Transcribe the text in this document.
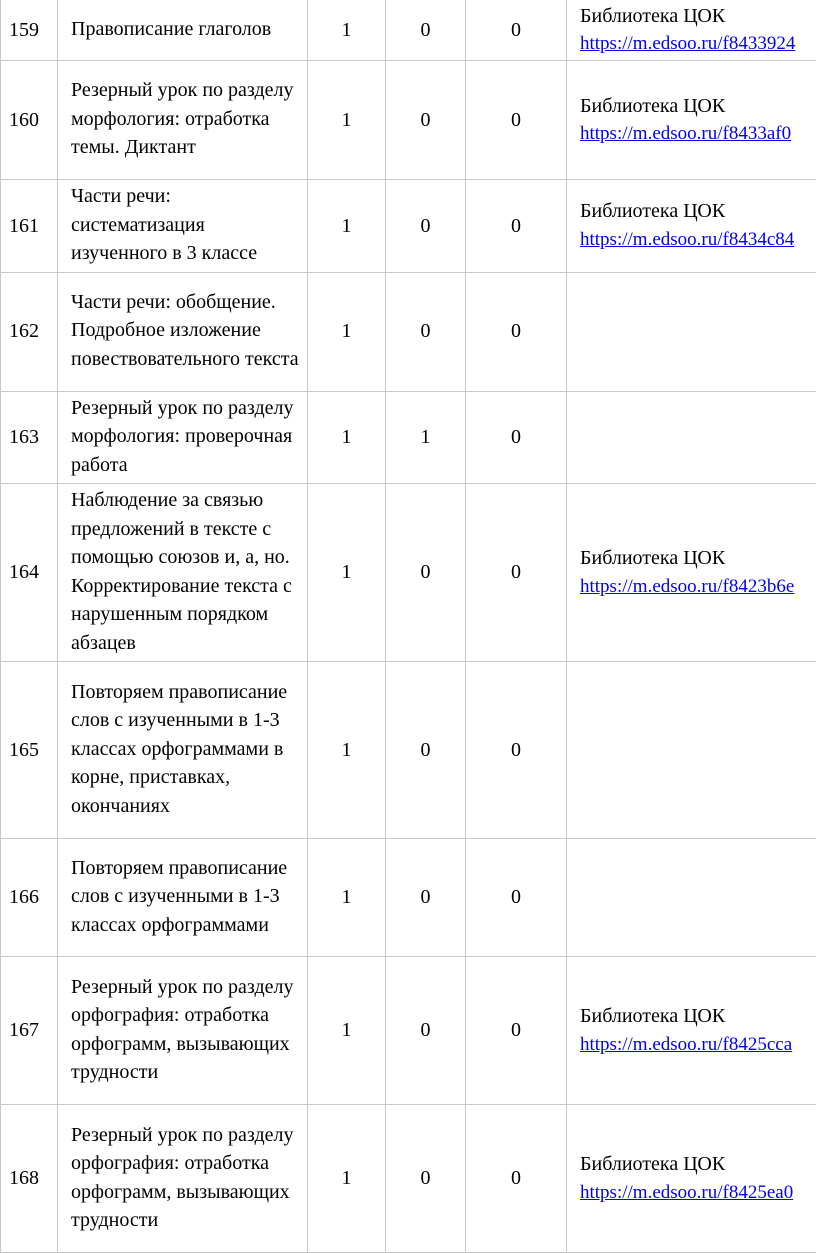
159	Правописание глаголов	1	0	0	Библиотека ЦОК
https://m.edsoo.ru/f8433924

160	Резерный урок по разделу морфология: отработка темы. Диктант	1	0	0	Библиотека ЦОК
https://m.edsoo.ru/f8433af0

161	Части речи: систематизация изученного в 3 классе	1	0	0	Библиотека ЦОК
https://m.edsoo.ru/f8434c84

162	Части речи: обобщение. Подробное изложение повествовательного текста	1	0	0	
163	Резерный урок по разделу морфология: проверочная работа	1	1	0	
164	Наблюдение за связью предложений в тексте с помощью союзов и, а, но. Корректирование текста с нарушенным порядком абзацев	1	0	0	Библиотека ЦОК
https://m.edsoo.ru/f8423b6e

165	Повторяем правописание слов с изученными в 1-3 классах орфограммами в корне, приставках, окончаниях	1	0	0	
166	Повторяем правописание слов с изученными в 1-3 классах орфограммами	1	0	0	
167	Резерный урок по разделу орфография: отработка орфограмм, вызывающих трудности	1	0	0	Библиотека ЦОК
https://m.edsoo.ru/f8425cca

168	Резерный урок по разделу орфография: отработка орфограмм, вызывающих трудности	1	0	0	Библиотека ЦОК
https://m.edsoo.ru/f8425ea0
